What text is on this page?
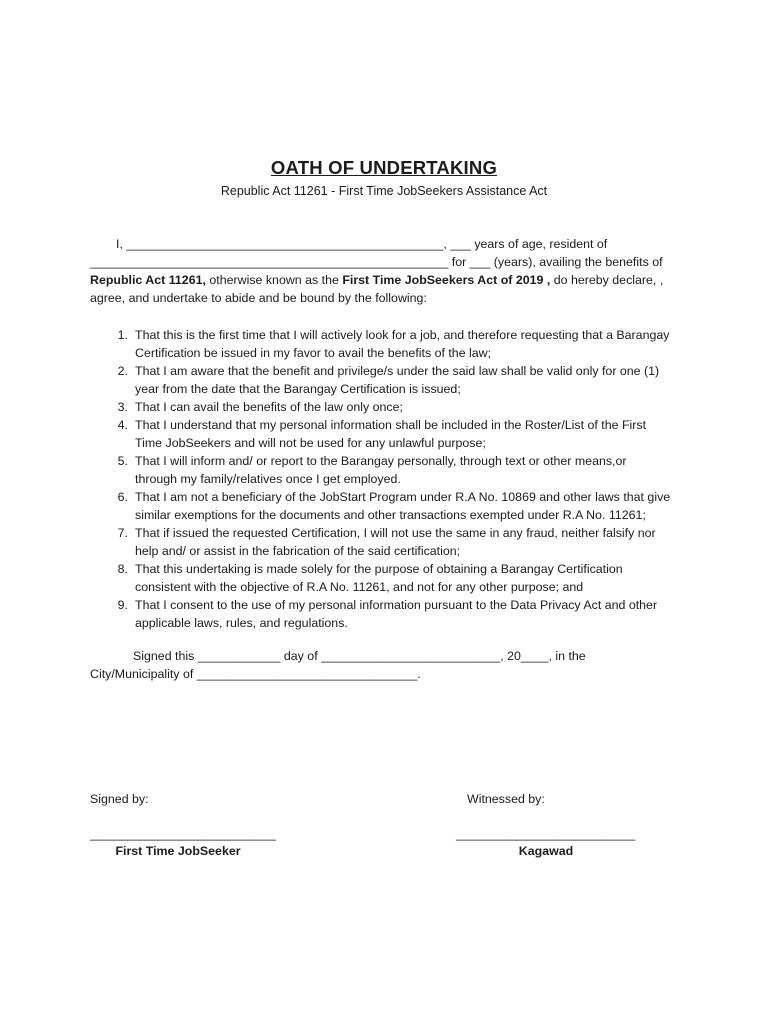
OATH OF UNDERTAKING
Republic Act 11261 - First Time JobSeekers Assistance Act
I, ______________________________________________, ___ years of age, resident of
____________________________________________________ for ___ (years), availing the benefits of
Republic Act 11261, otherwise known as the First Time JobSeekers Act of 2019 , do hereby declare, ,
agree, and undertake to abide and be bound by the following:
1. That this is the first time that I will actively look for a job, and therefore requesting that a Barangay
Certification be issued in my favor to avail the benefits of the law;
2. That I am aware that the benefit and privilege/s under the said law shall be valid only for one (1)
year from the date that the Barangay Certification is issued;
3. That I can avail the benefits of the law only once;
4. That I understand that my personal information shall be included in the Roster/List of the First
Time JobSeekers and will not be used for any unlawful purpose;
5. That I will inform and/ or report to the Barangay personally, through text or other means,or
through my family/relatives once I get employed.
6. That I am not a beneficiary of the JobStart Program under R.A No. 10869 and other laws that give
similar exemptions for the documents and other transactions exempted under R.A No. 11261;
7. That if issued the requested Certification, I will not use the same in any fraud, neither falsify nor
help and/ or assist in the fabrication of the said certification;
8. That this undertaking is made solely for the purpose of obtaining a Barangay Certification
consistent with the objective of R.A No. 11261, and not for any other purpose; and
9. That I consent to the use of my personal information pursuant to the Data Privacy Act and other
applicable laws, rules, and regulations.
Signed this ____________ day of __________________________, 20____, in the
City/Municipality of ________________________________.
Signed by:	Witnessed by:
___________________________	__________________________
First Time JobSeeker	Kagawad
